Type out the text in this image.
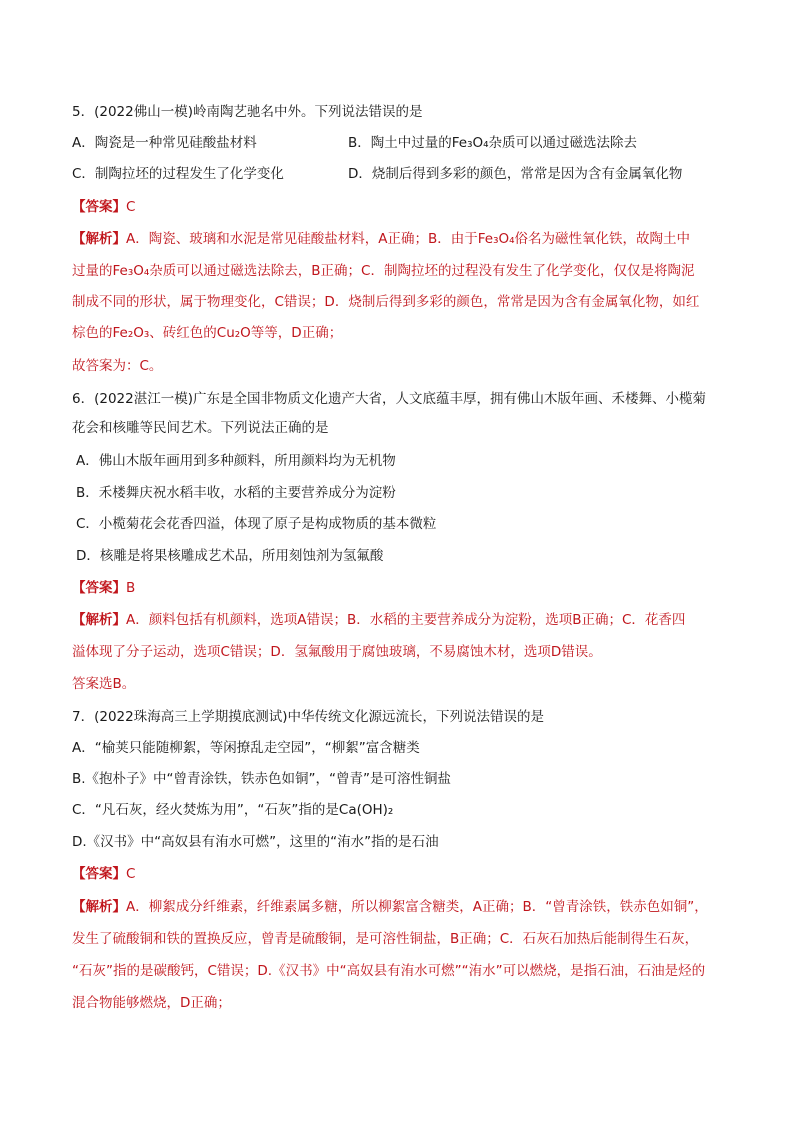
5．(2022佛山一模)岭南陶艺驰名中外。下列说法错误的是
A．陶瓷是一种常见硅酸盐材料	B．陶土中过量的Fe₃O₄杂质可以通过磁选法除去
C．制陶拉坯的过程发生了化学变化	D．烧制后得到多彩的颜色，常常是因为含有金属氧化物
【答案】C
【解析】A．陶瓷、玻璃和水泥是常见硅酸盐材料，A正确；B．由于Fe₃O₄俗名为磁性氧化铁，故陶土中
过量的Fe₃O₄杂质可以通过磁选法除去，B正确；C．制陶拉坯的过程没有发生了化学变化，仅仅是将陶泥
制成不同的形状，属于物理变化，C错误；D．烧制后得到多彩的颜色，常常是因为含有金属氧化物，如红
棕色的Fe₂O₃、砖红色的Cu₂O等等，D正确；
故答案为：C。
6．(2022湛江一模)广东是全国非物质文化遗产大省，人文底蕴丰厚，拥有佛山木版年画、禾楼舞、小榄菊
花会和核雕等民间艺术。下列说法正确的是
A．佛山木版年画用到多种颜料，所用颜料均为无机物
B．禾楼舞庆祝水稻丰收，水稻的主要营养成分为淀粉
C．小榄菊花会花香四溢，体现了原子是构成物质的基本微粒
D．核雕是将果核雕成艺术品，所用刻蚀剂为氢氟酸
【答案】B
【解析】A．颜料包括有机颜料，选项A错误；B．水稻的主要营养成分为淀粉，选项B正确；C．花香四
溢体现了分子运动，选项C错误；D．氢氟酸用于腐蚀玻璃，不易腐蚀木材，选项D错误。
答案选B。
7．(2022珠海高三上学期摸底测试)中华传统文化源远流长，下列说法错误的是
A．“榆荚只能随柳絮，等闲撩乱走空园”，“柳絮”富含糖类
B.《抱朴子》中“曾青涂铁，铁赤色如铜”，“曾青”是可溶性铜盐
C．“凡石灰，经火焚炼为用”，“石灰”指的是Ca(OH)₂
D.《汉书》中“高奴县有洧水可燃”，这里的“洧水”指的是石油
【答案】C
【解析】A．柳絮成分纤维素，纤维素属多糖，所以柳絮富含糖类，A正确；B．“曾青涂铁，铁赤色如铜”，
发生了硫酸铜和铁的置换反应，曾青是硫酸铜，是可溶性铜盐，B正确；C．石灰石加热后能制得生石灰，
“石灰”指的是碳酸钙，C错误；D.《汉书》中“高奴县有洧水可燃”“洧水”可以燃烧，是指石油，石油是烃的
混合物能够燃烧，D正确；
